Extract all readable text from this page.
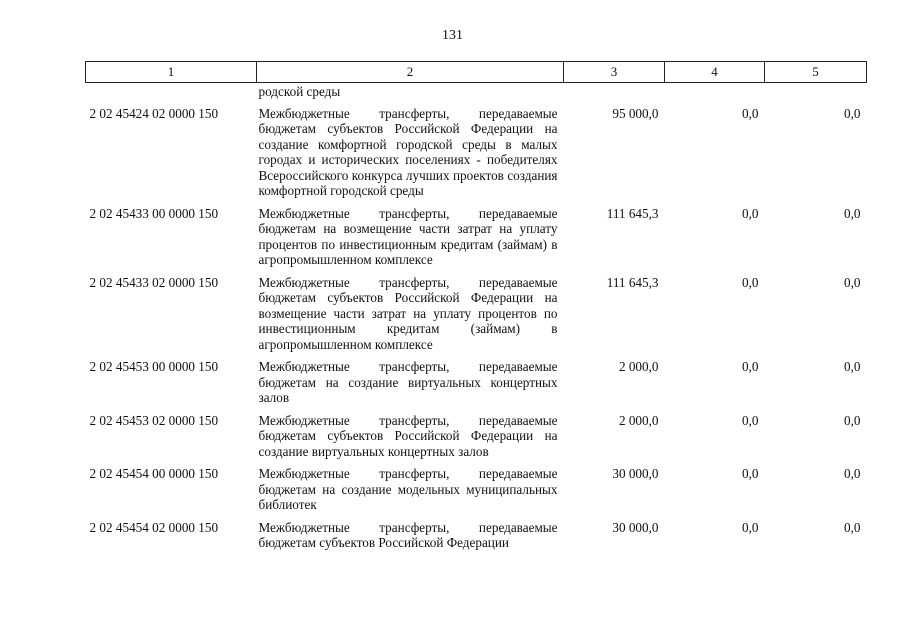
131
1	2	3	4	5
	родской среды			
2 02 45424 02 0000 150	Межбюджетные трансферты, передаваемые бюджетам субъектов Российской Федерации на создание комфортной городской среды в малых городах и исторических поселениях - победителях Всероссийского конкурса лучших проектов создания комфортной городской среды	95 000,0	0,0	0,0
2 02 45433 00 0000 150	Межбюджетные трансферты, передаваемые бюджетам на возмещение части затрат на уплату процентов по инвестиционным кредитам (займам) в агропромышленном комплексе	111 645,3	0,0	0,0
2 02 45433 02 0000 150	Межбюджетные трансферты, передаваемые бюджетам субъектов Российской Федерации на возмещение части затрат на уплату процентов по инвестиционным кредитам (займам) в агропромышленном комплексе	111 645,3	0,0	0,0
2 02 45453 00 0000 150	Межбюджетные трансферты, передаваемые бюджетам на создание виртуальных концертных залов	2 000,0	0,0	0,0
2 02 45453 02 0000 150	Межбюджетные трансферты, передаваемые бюджетам субъектов Российской Федерации на создание виртуальных концертных залов	2 000,0	0,0	0,0
2 02 45454 00 0000 150	Межбюджетные трансферты, передаваемые бюджетам на создание модельных муниципальных библиотек	30 000,0	0,0	0,0
2 02 45454 02 0000 150	Межбюджетные трансферты, передаваемые бюджетам субъектов Российской Федерации	30 000,0	0,0	0,0
